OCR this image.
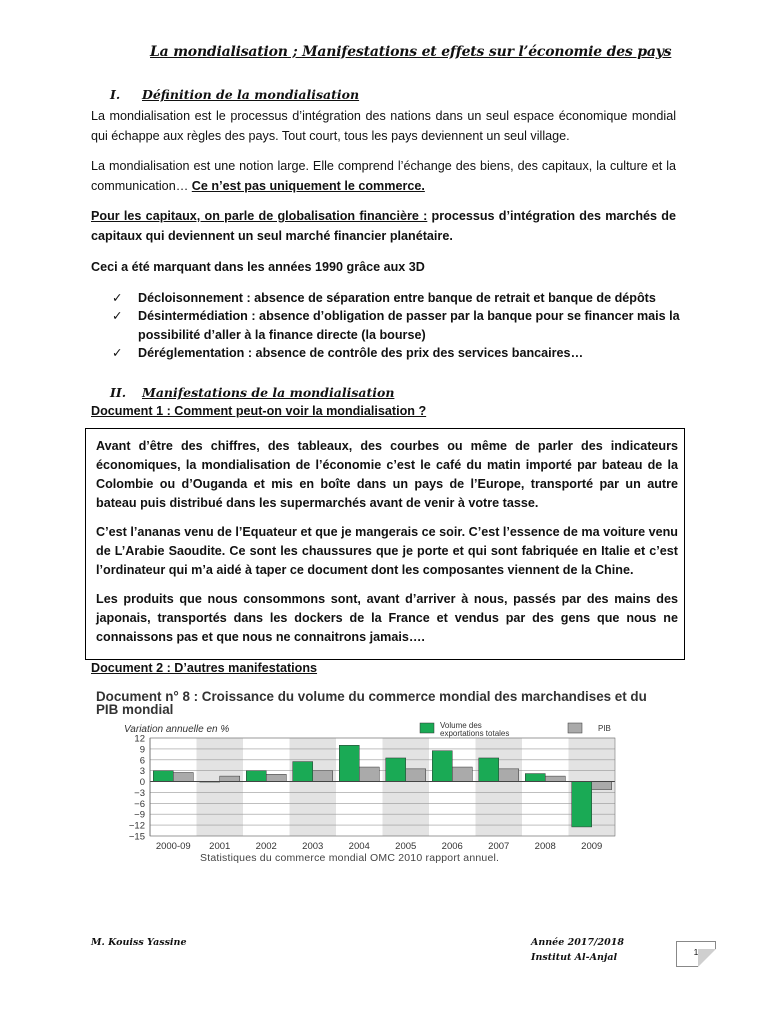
La mondialisation ; Manifestations et effets sur l’économie des pays
I. Définition de la mondialisation
La mondialisation est le processus d’intégration des nations dans un seul espace économique mondial qui échappe aux règles des pays. Tout court, tous les pays deviennent un seul village.
La mondialisation est une notion large. Elle comprend l’échange des biens, des capitaux, la culture et la communication… Ce n’est pas uniquement le commerce.
Pour les capitaux, on parle de globalisation financière : processus d’intégration des marchés de capitaux qui deviennent un seul marché financier planétaire.
Ceci a été marquant dans les années 1990 grâce aux 3D
✓ Décloisonnement : absence de séparation entre banque de retrait et banque de dépôts
✓ Désintermédiation : absence d’obligation de passer par la banque pour se financer mais la possibilité d’aller à la finance directe (la bourse)
✓ Déréglementation : absence de contrôle des prix des services bancaires…
II. Manifestations de la mondialisation
Document 1 : Comment peut-on voir la mondialisation ?

Avant d’être des chiffres, des tableaux, des courbes ou même de parler des indicateurs économiques, la mondialisation de l’économie c’est le café du matin importé par bateau de la Colombie ou d’Ouganda et mis en boîte dans un pays de l’Europe, transporté par un autre bateau puis distribué dans les supermarchés avant de venir à votre tasse.

C’est l’ananas venu de l’Equateur et que je mangerais ce soir. C’est l’essence de ma voiture venu de L’Arabie Saoudite. Ce sont les chaussures que je porte et qui sont fabriquée en Italie et c’est l’ordinateur qui m’a aidé à taper ce document dont les composantes viennent de la Chine.

Les produits que nous consommons sont, avant d’arriver à nous, passés par des mains des japonais, transportés dans les dockers de la France et vendus par des gens que nous ne connaissons pas et que nous ne connaitrons jamais….

Document 2 : D’autres manifestations
Document n° 8 : Croissance du volume du commerce mondial des marchandises et du PIB mondial
12
9
6
3
0
−3
−6
−9
−12
−15
2000-09 2001	2002	2003	2004	2005	2006	2007	2008	2009
Variation annuelle en %	Volume des exportations totales
PIB
Statistiques du commerce mondial OMC 2010 rapport annuel.
M. Kouiss Yassine	Année 2017/2018
Institut Al-Anjal	1
